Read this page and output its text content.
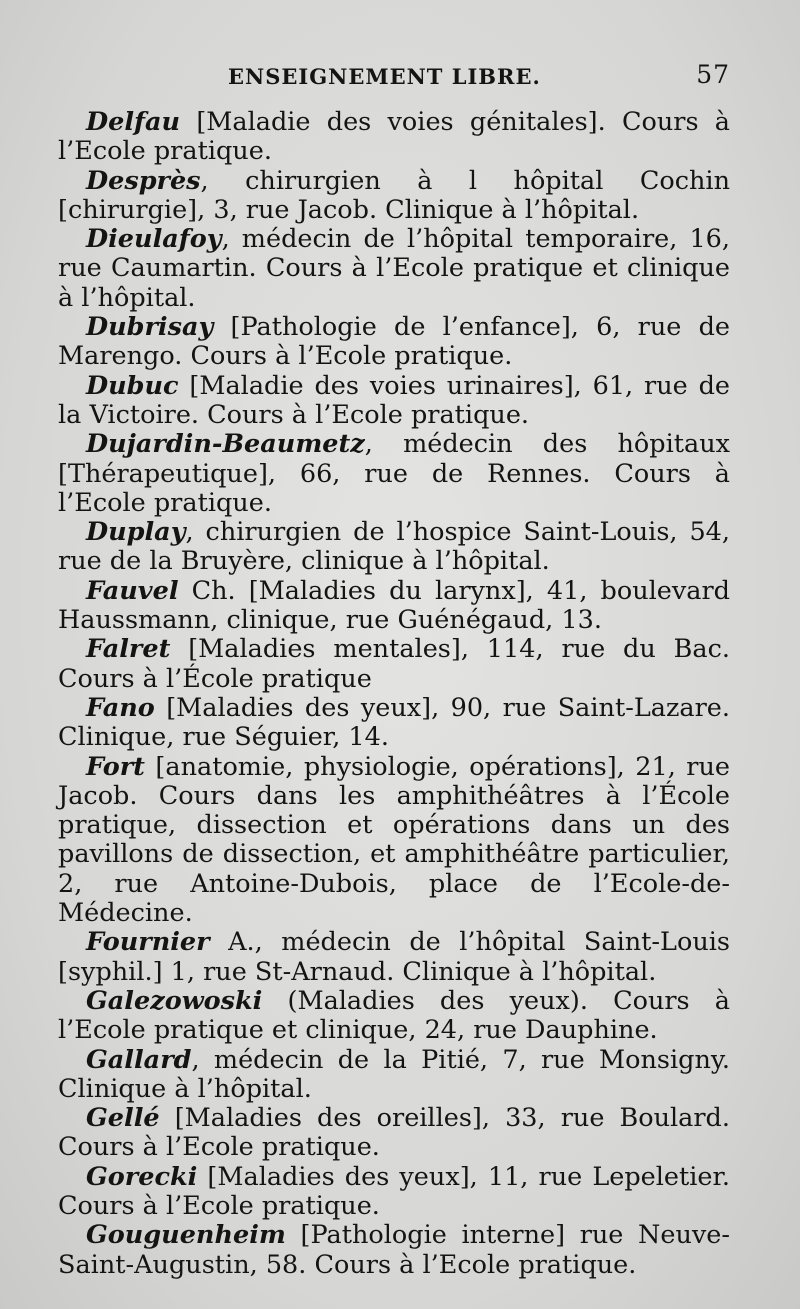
ENSEIGNEMENT LIBRE.	57

Delfau [Maladie des voies génitales]. Cours à l’Ecole pratique.

Desprès, chirurgien à l hôpital Cochin [chirurgie], 3, rue Jacob. Clinique à l’hôpital.

Dieulafoy, médecin de l’hôpital temporaire, 16, rue Caumartin. Cours à l’Ecole pratique et clinique à l’hôpital.

Dubrisay [Pathologie de l’enfance], 6, rue de Marengo. Cours à l’Ecole pratique.

Dubuc [Maladie des voies urinaires], 61, rue de la Victoire. Cours à l’Ecole pratique.

Dujardin-Beaumetz, médecin des hôpitaux [Thérapeutique], 66, rue de Rennes. Cours à l’Ecole pratique.

Duplay, chirurgien de l’hospice Saint-Louis, 54, rue de la Bruyère, clinique à l’hôpital.

Fauvel Ch. [Maladies du larynx], 41, boulevard Haussmann, clinique, rue Guénégaud, 13.

Falret [Maladies mentales], 114, rue du Bac. Cours à l’École pratique

Fano [Maladies des yeux], 90, rue Saint-Lazare. Clinique, rue Séguier, 14.

Fort [anatomie, physiologie, opérations], 21, rue Jacob. Cours dans les amphithéâtres à l’École pratique, dissection et opérations dans un des pavillons de dissection, et amphithéâtre particulier, 2, rue Antoine-Dubois, place de l’Ecole-de-Médecine.

Fournier A., médecin de l’hôpital Saint-Louis [syphil.] 1, rue St-Arnaud. Clinique à l’hôpital.

Galezowoski (Maladies des yeux). Cours à l’Ecole pratique et clinique, 24, rue Dauphine.

Gallard, médecin de la Pitié, 7, rue Monsigny. Clinique à l’hôpital.

Gellé [Maladies des oreilles], 33, rue Boulard. Cours à l’Ecole pratique.

Gorecki [Maladies des yeux], 11, rue Lepeletier. Cours à l’Ecole pratique.

Gouguenheim [Pathologie interne] rue Neuve-Saint-Augustin, 58. Cours à l’Ecole pratique.
